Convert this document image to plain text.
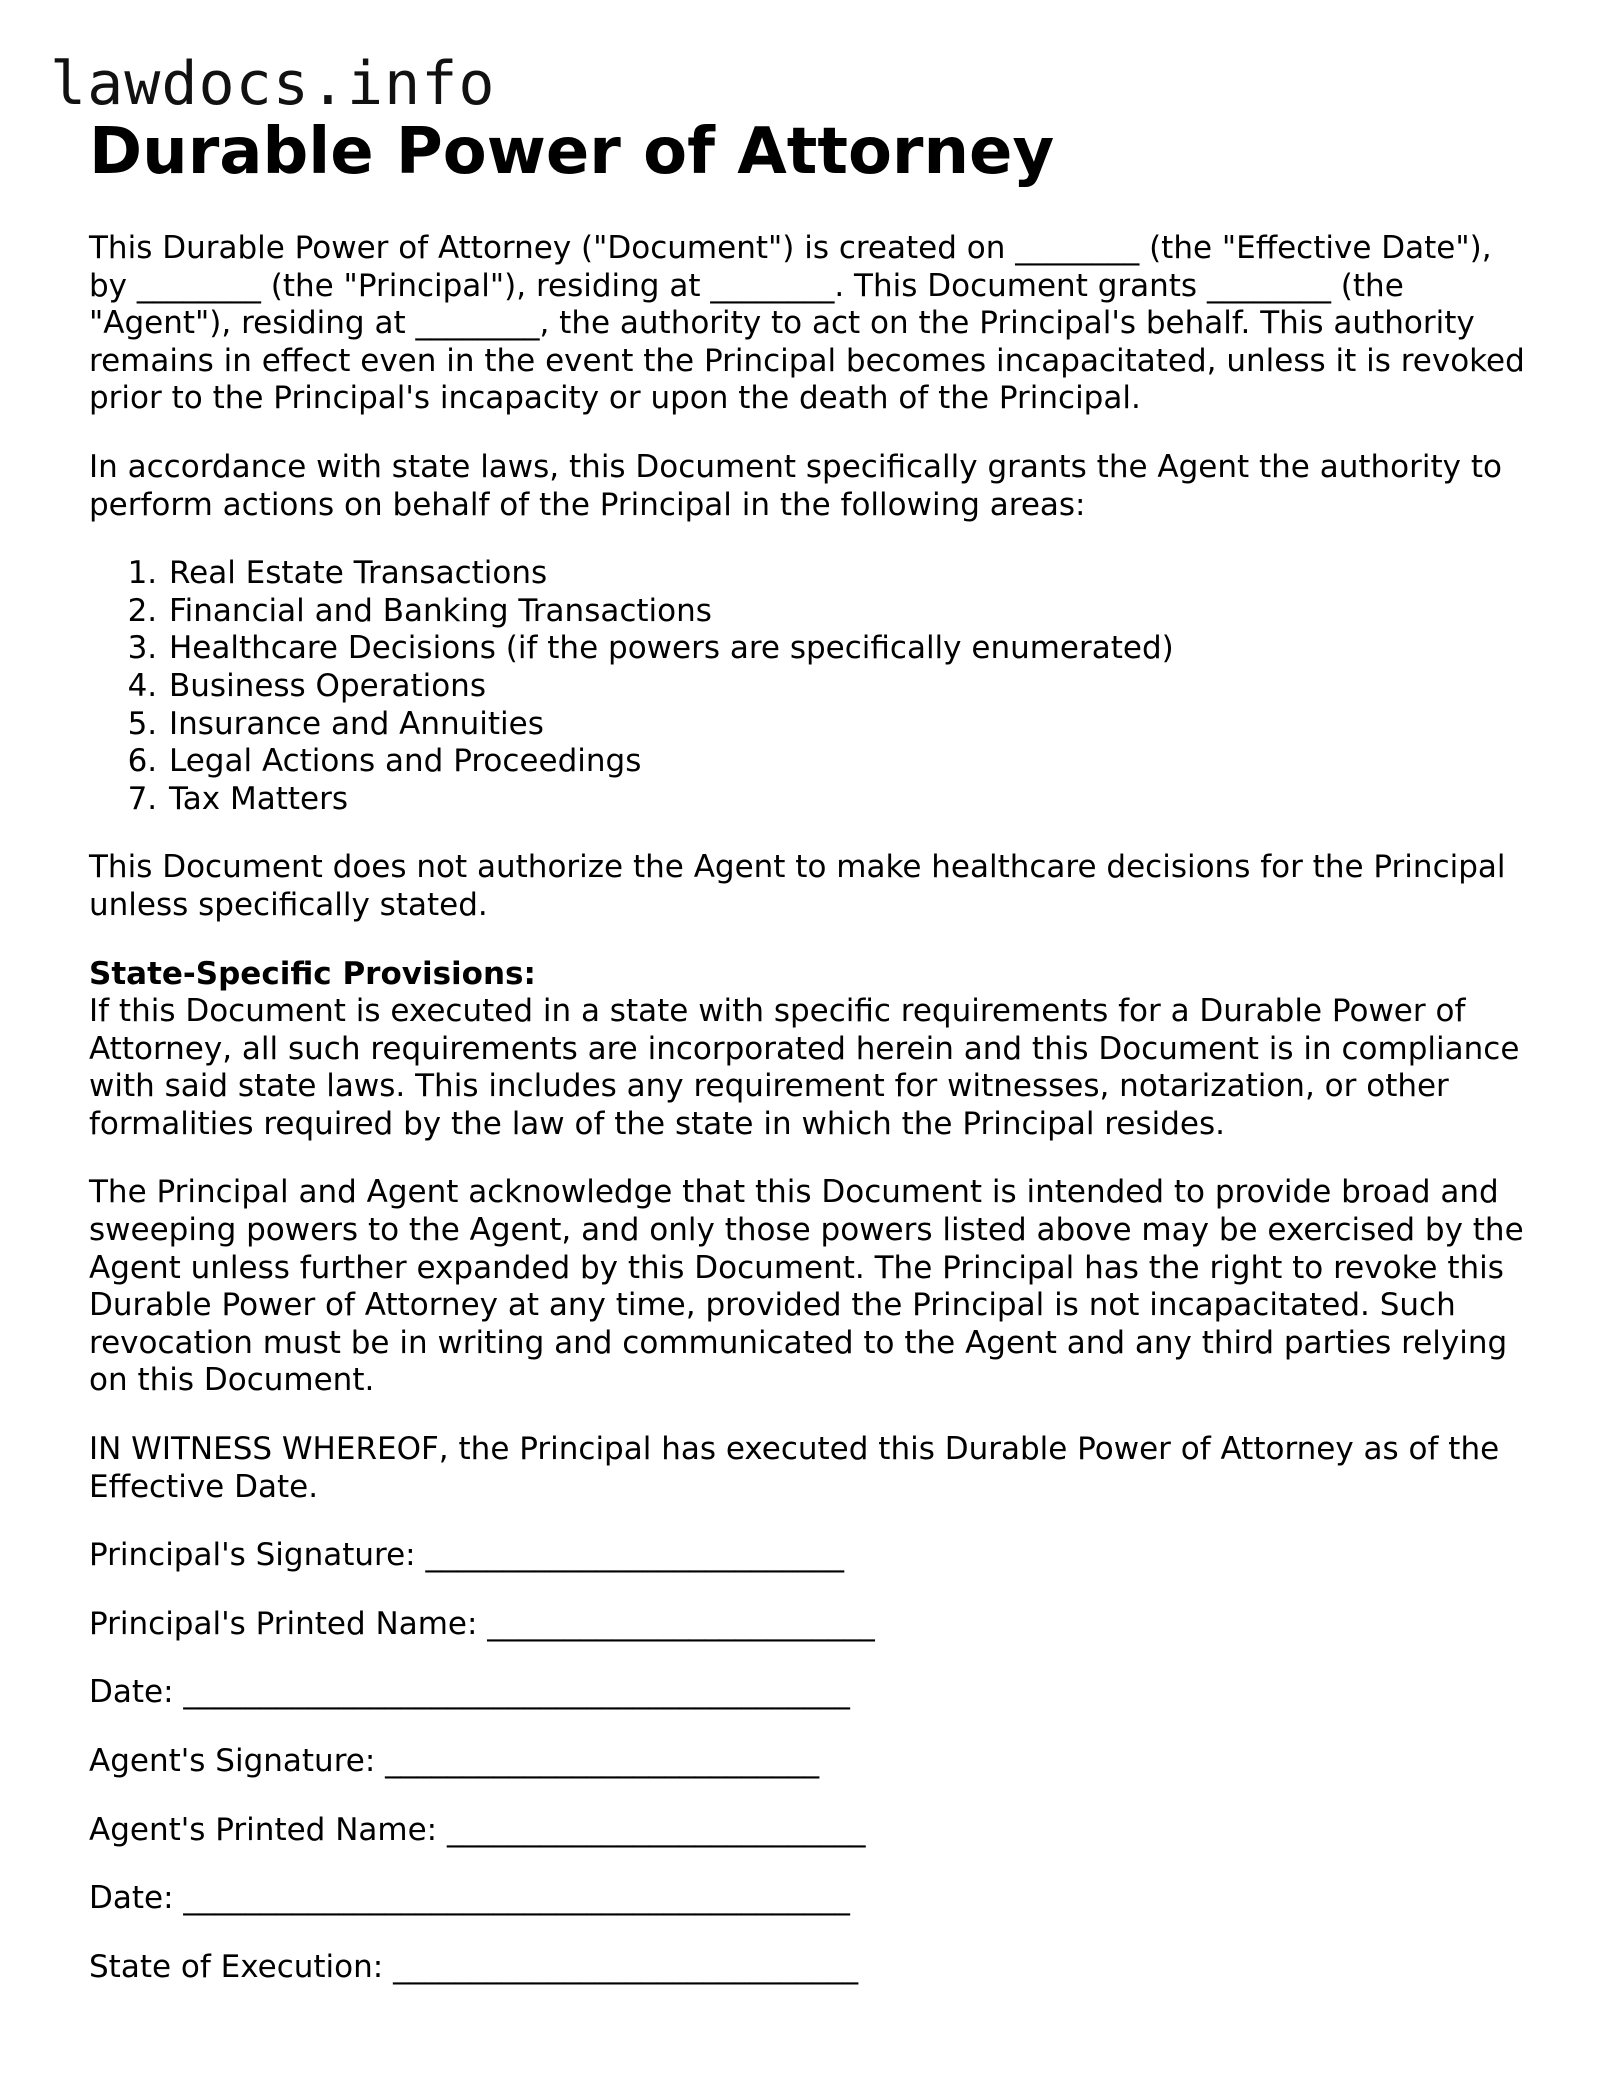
lawdocs.info
Durable Power of Attorney

This Durable Power of Attorney ("Document") is created on ________ (the "Effective Date"), by ________ (the "Principal"), residing at ________. This Document grants ________ (the "Agent"), residing at ________, the authority to act on the Principal's behalf. This authority remains in effect even in the event the Principal becomes incapacitated, unless it is revoked prior to the Principal's incapacity or upon the death of the Principal.

In accordance with state laws, this Document specifically grants the Agent the authority to perform actions on behalf of the Principal in the following areas:

1. Real Estate Transactions
2. Financial and Banking Transactions
3. Healthcare Decisions (if the powers are specifically enumerated)
4. Business Operations
5. Insurance and Annuities
6. Legal Actions and Proceedings
7. Tax Matters

This Document does not authorize the Agent to make healthcare decisions for the Principal unless specifically stated.

State-Specific Provisions:

If this Document is executed in a state with specific requirements for a Durable Power of Attorney, all such requirements are incorporated herein and this Document is in compliance with said state laws. This includes any requirement for witnesses, notarization, or other formalities required by the law of the state in which the Principal resides.

The Principal and Agent acknowledge that this Document is intended to provide broad and sweeping powers to the Agent, and only those powers listed above may be exercised by the Agent unless further expanded by this Document. The Principal has the right to revoke this Durable Power of Attorney at any time, provided the Principal is not incapacitated. Such revocation must be in writing and communicated to the Agent and any third parties relying on this Document.

IN WITNESS WHEREOF, the Principal has executed this Durable Power of Attorney as of the Effective Date.

Principal's Signature: ___________________________

Principal's Printed Name: _________________________

Date: ___________________________________________

Agent's Signature: ____________________________

Agent's Printed Name: ___________________________

Date: ___________________________________________

State of Execution: ______________________________
